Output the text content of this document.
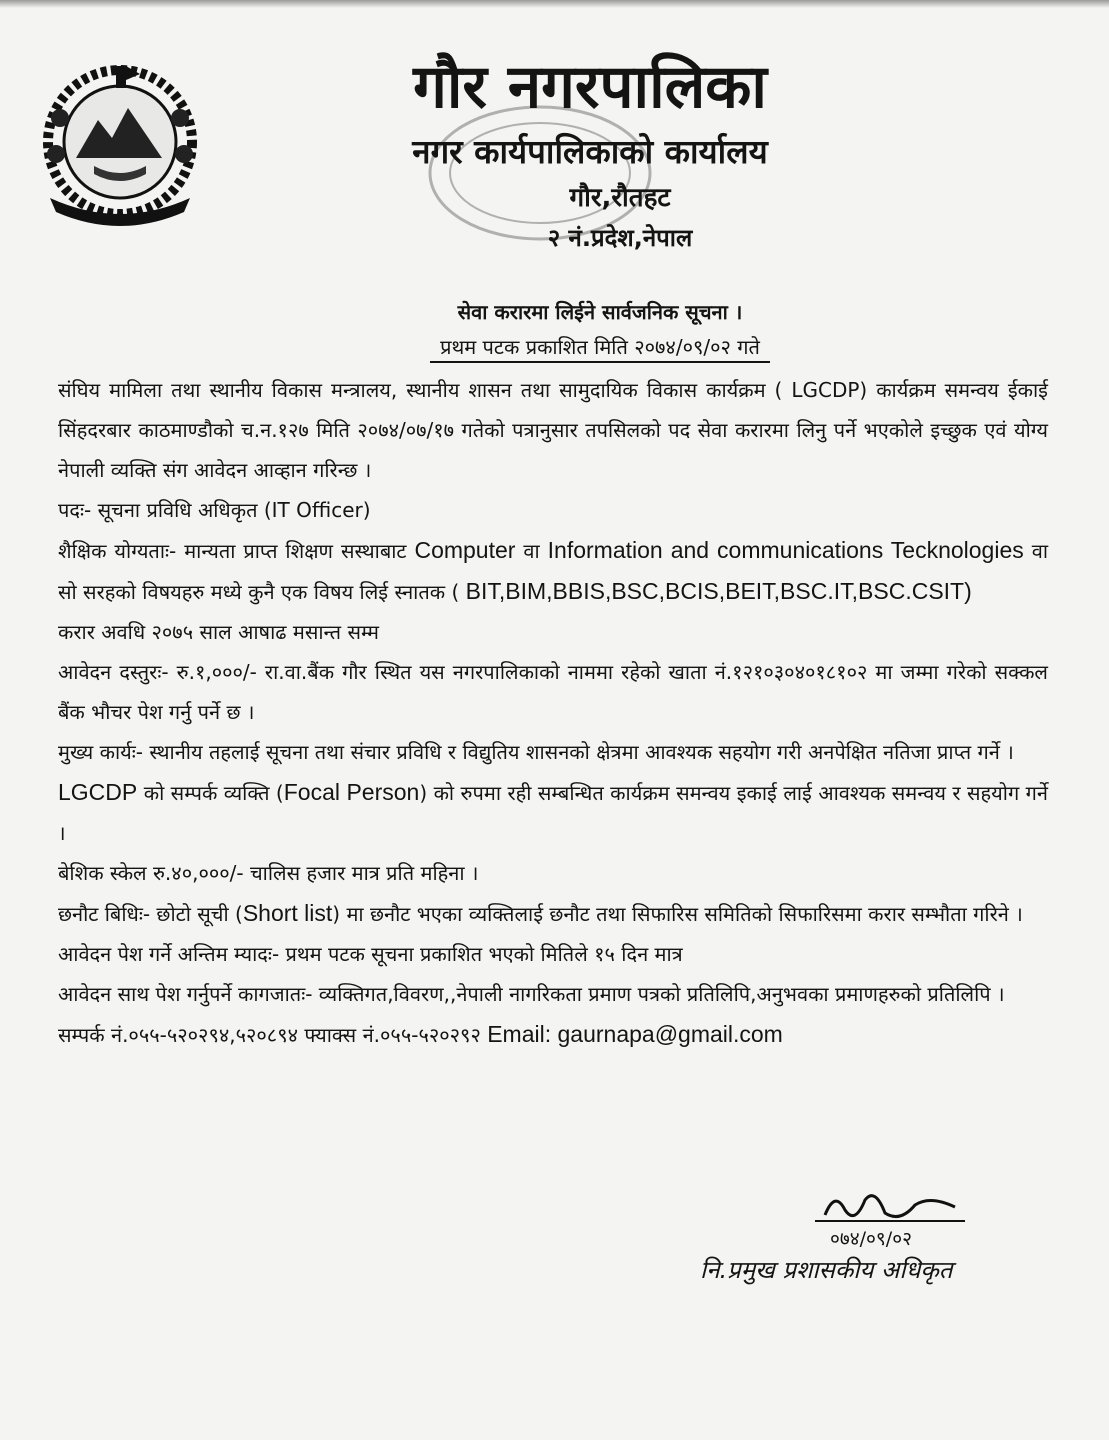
गौर नगरपालिका
नगर कार्यपालिकाको कार्यालय
गौर,रौतहट
२ नं.प्रदेश,नेपाल
सेवा करारमा लिईने सार्वजनिक सूचना ।
प्रथम पटक प्रकाशित मिति २०७४/०९/०२ गते

संघिय मामिला तथा स्थानीय विकास मन्त्रालय, स्थानीय शासन तथा सामुदायिक विकास कार्यक्रम ( LGCDP) कार्यक्रम समन्वय ईकाई सिंहदरबार काठमाण्डौको च.न.१२७ मिति २०७४/०७/१७ गतेको पत्रानुसार तपसिलको पद सेवा करारमा लिनु पर्ने भएकोले इच्छुक एवं योग्य नेपाली व्यक्ति संग आवेदन आव्हान गरिन्छ ।

पदः- सूचना प्रविधि अधिकृत (IT Officer)

शैक्षिक योग्यताः- मान्यता प्राप्त शिक्षण सस्थाबाट Computer वा Information and communications Tecknologies वा सो सरहको विषयहरु मध्ये कुनै एक विषय लिई स्नातक ( BIT,BIM,BBIS,BSC,BCIS,BEIT,BSC.IT,BSC.CSIT)

करार अवधि २०७५ साल आषाढ मसान्त सम्म

आवेदन दस्तुरः- रु.१,०००/- रा.वा.बैंक गौर स्थित यस नगरपालिकाको नाममा रहेको खाता नं.१२१०३०४०१८१०२ मा जम्मा गरेको सक्कल बैंक भौचर पेश गर्नु पर्ने छ ।

मुख्य कार्यः- स्थानीय तहलाई सूचना तथा संचार प्रविधि र विद्युतिय शासनको क्षेत्रमा आवश्यक सहयोग गरी अनपेक्षित नतिजा प्राप्त गर्ने ।

LGCDP को सम्पर्क व्यक्ति (Focal Person) को रुपमा रही सम्बन्धित कार्यक्रम समन्वय इकाई लाई आवश्यक समन्वय र सहयोग गर्ने ।

बेशिक स्केल रु.४०,०००/- चालिस हजार मात्र प्रति महिना ।

छनौट बिधिः- छोटो सूची (Short list) मा छनौट भएका व्यक्तिलाई छनौट तथा सिफारिस समितिको सिफारिसमा करार सम्भौता गरिने ।

आवेदन पेश गर्ने अन्तिम म्यादः- प्रथम पटक सूचना प्रकाशित भएको मितिले १५ दिन मात्र

आवेदन साथ पेश गर्नुपर्ने कागजातः- व्यक्तिगत,विवरण,,नेपाली नागरिकता प्रमाण पत्रको प्रतिलिपि,अनुभवका प्रमाणहरुको प्रतिलिपि ।

सम्पर्क नं.०५५-५२०२९४,५२०८९४ फ्याक्स नं.०५५-५२०२९२ Email: gaurnapa@gmail.com

०७४/०९/०२
नि.प्रमुख प्रशासकीय अधिकृत
